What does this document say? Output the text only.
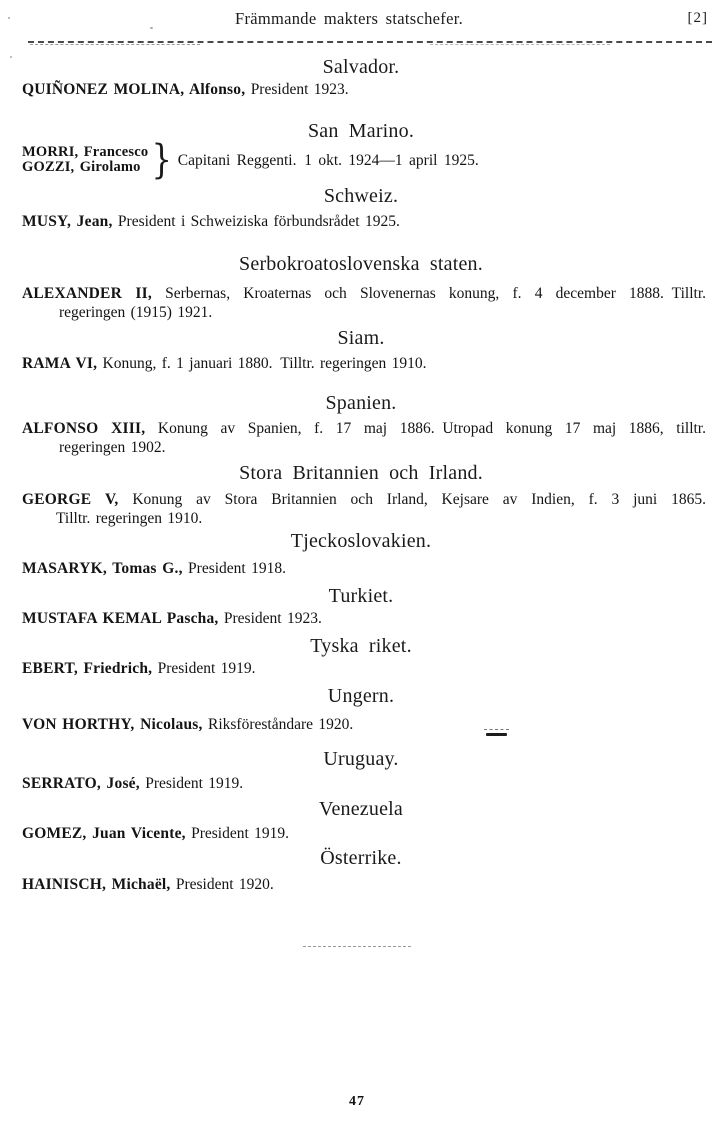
Främmande makters statschefer.	[2]
Salvador.
QUIÑONEZ MOLINA, Alfonso, President 1923.
San Marino.
MORRI, Francesco
GOZZI, Girolamo } Capitani Reggenti. 1 okt. 1924—1 april 1925.
Schweiz.
MUSY, Jean, President i Schweiziska förbundsrådet 1925.
Serbokroatoslovenska staten.
ALEXANDER II, Serbernas, Kroaternas och Slovenernas konung, f. 4 december 1888. Tilltr.
regeringen (1915) 1921.
Siam.
RAMA VI, Konung, f. 1 januari 1880. Tilltr. regeringen 1910.
Spanien.
ALFONSO XIII, Konung av Spanien, f. 17 maj 1886. Utropad konung 17 maj 1886, tilltr.
regeringen 1902.
Stora Britannien och Irland.
GEORGE V, Konung av Stora Britannien och Irland, Kejsare av Indien, f. 3 juni 1865.
Tilltr. regeringen 1910.
Tjeckoslovakien.
MASARYK, Tomas G., President 1918.
Turkiet.
MUSTAFA KEMAL Pascha, President 1923.
Tyska riket.
EBERT, Friedrich, President 1919.
Ungern.
VON HORTHY, Nicolaus, Riksföreståndare 1920.
Uruguay.
SERRATO, José, President 1919.
Venezuela
GOMEZ, Juan Vicente, President 1919.
Österrike.
HAINISCH, Michaël, President 1920.
47
